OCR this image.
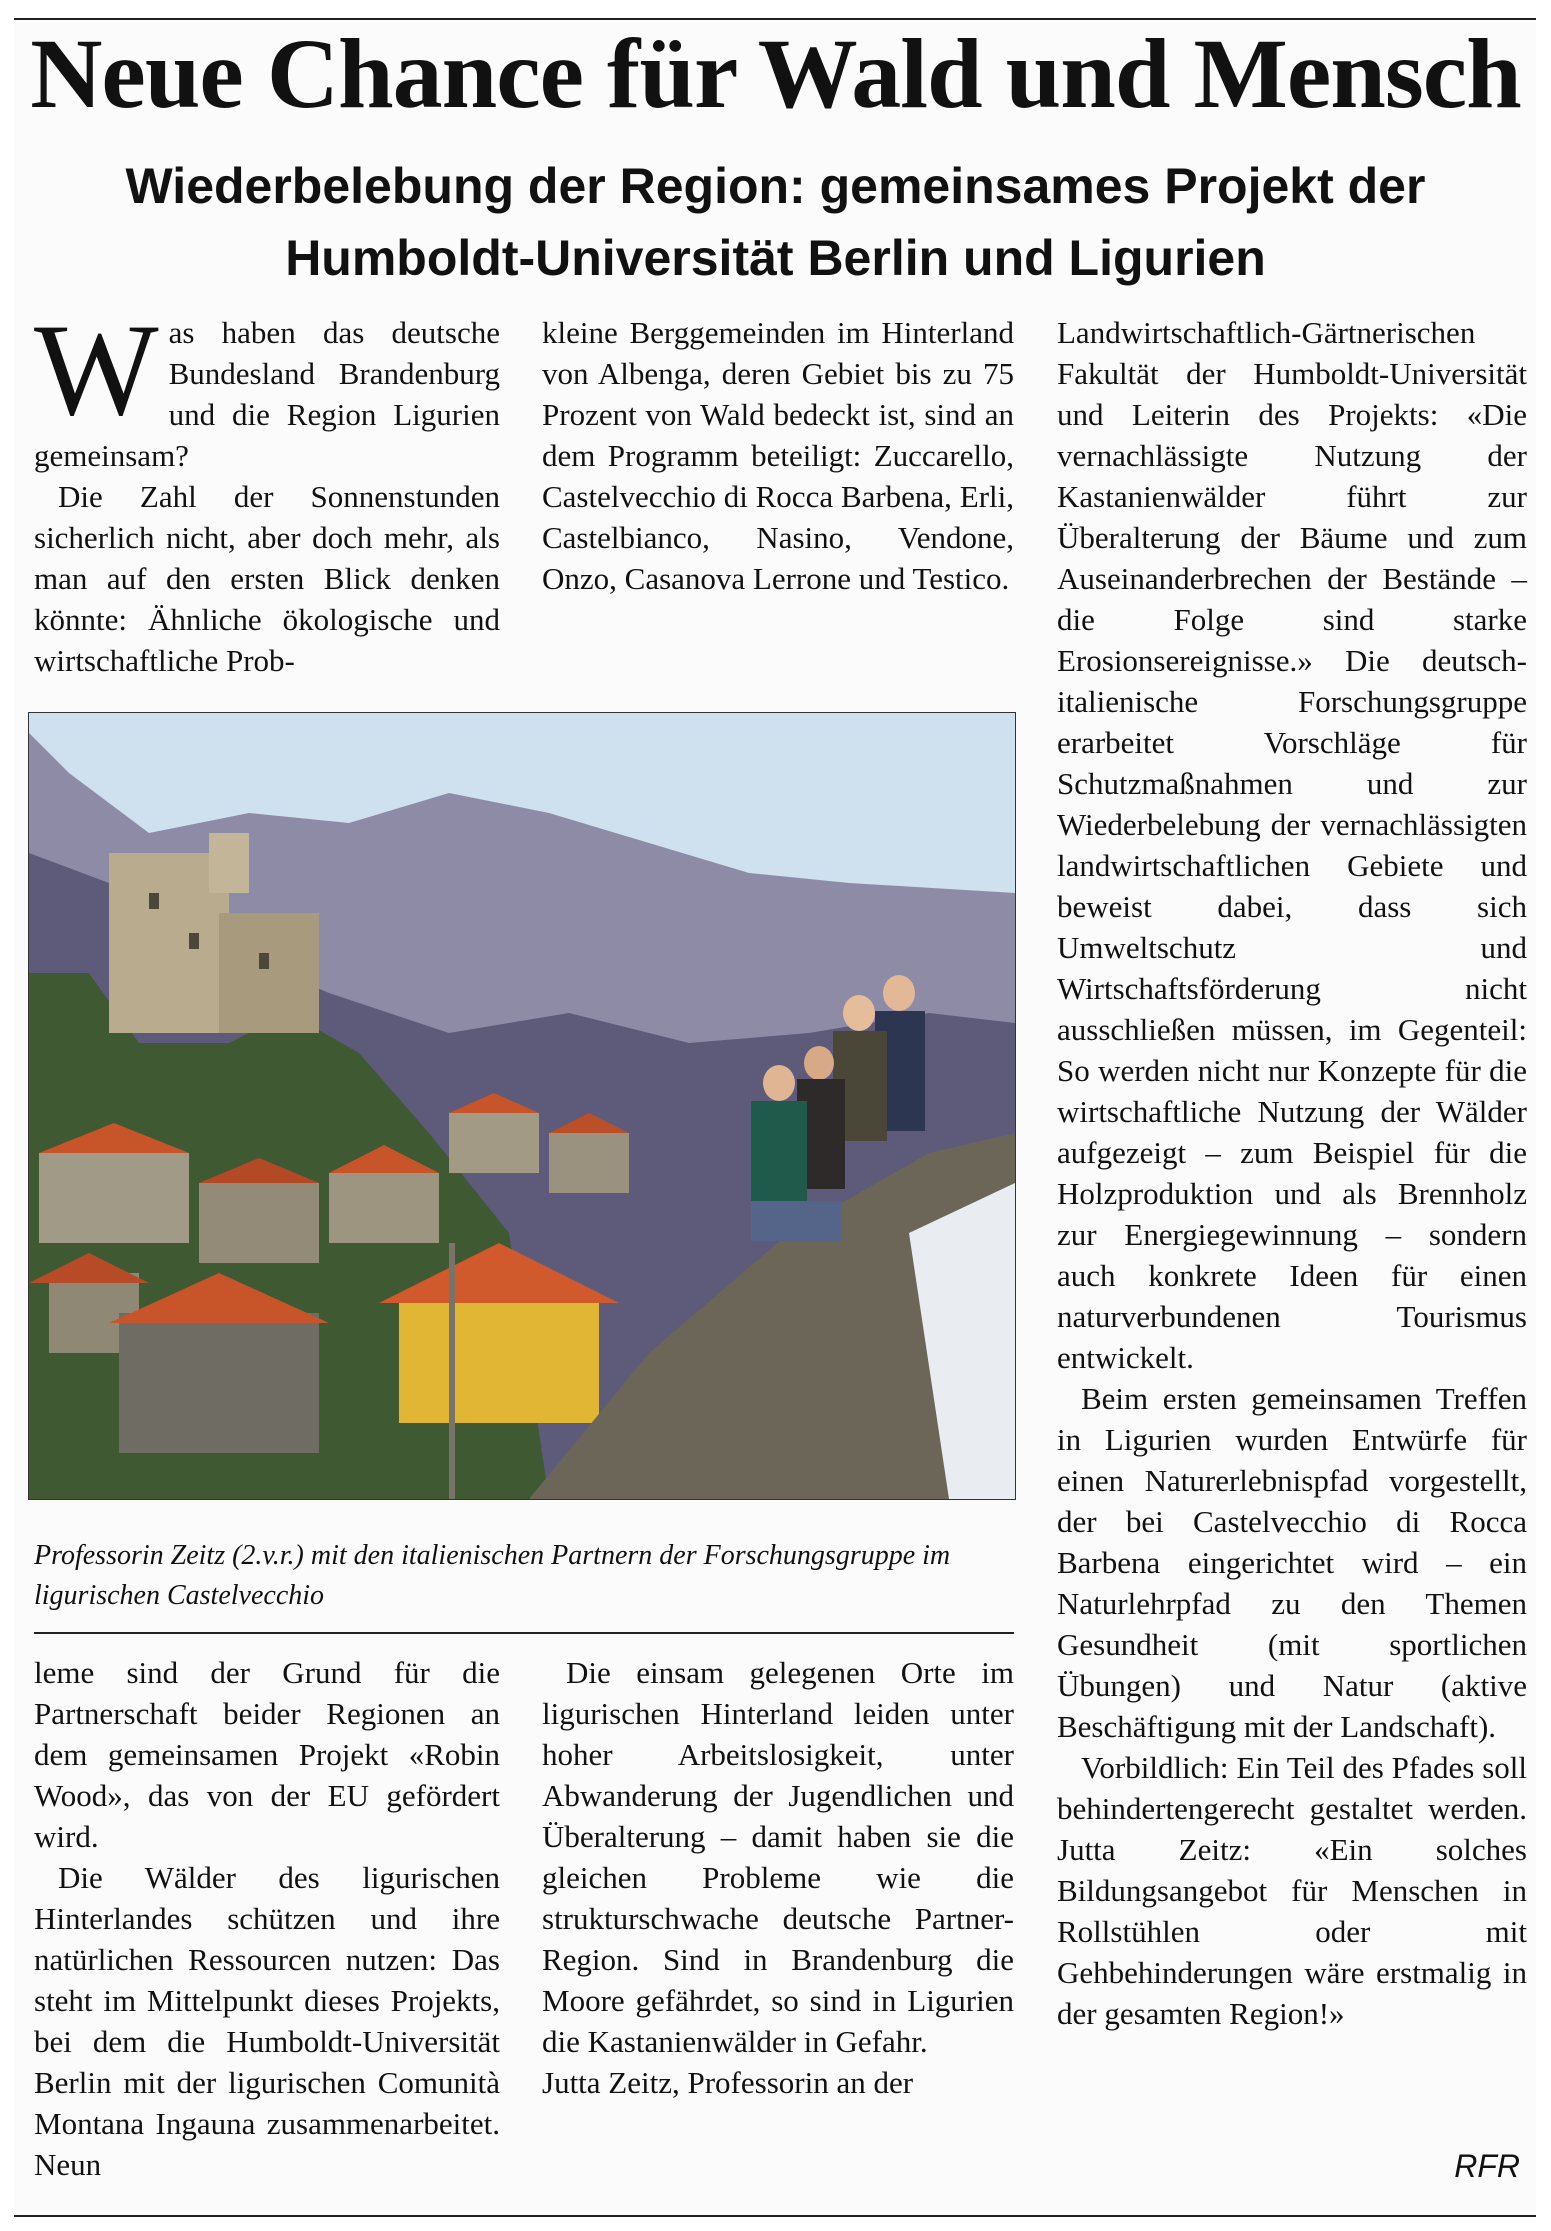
Neue Chance für Wald und Mensch
Wiederbelebung der Region: gemeinsames Projekt der
Humboldt-Universität Berlin und Ligurien

Was haben das deutsche Bundesland Brandenburg und die Region Ligurien gemeinsam?

Die Zahl der Sonnenstunden sicherlich nicht, aber doch mehr, als man auf den ersten Blick denken könnte: Ähnliche ökologische und wirtschaftliche Prob-

kleine Berggemeinden im Hinterland von Albenga, deren Gebiet bis zu 75 Prozent von Wald bedeckt ist, sind an dem Programm beteiligt: Zuccarello, Castelvecchio di Rocca Barbena, Erli, Castelbianco, Nasino, Vendone, Onzo, Casanova Lerrone und Testico.

Landwirtschaftlich-Gärtnerischen Fakultät der Humboldt-Universität und Leiterin des Projekts: «Die vernachlässigte Nutzung der Kastanienwälder führt zur Überalterung der Bäume und zum Auseinanderbrechen der Bestände – die Folge sind starke Erosionsereignisse.» Die deutsch-italienische Forschungsgruppe erarbeitet Vorschläge für Schutzmaßnahmen und zur Wiederbelebung der vernachlässigten landwirtschaftlichen Gebiete und beweist dabei, dass sich Umweltschutz und Wirtschaftsförderung nicht ausschließen müssen, im Gegenteil: So werden nicht nur Konzepte für die wirtschaftliche Nutzung der Wälder aufgezeigt – zum Beispiel für die Holzproduktion und als Brennholz zur Energiegewinnung – sondern auch konkrete Ideen für einen naturverbundenen Tourismus entwickelt.

Beim ersten gemeinsamen Treffen in Ligurien wurden Entwürfe für einen Naturerlebnispfad vorgestellt, der bei Castelvecchio di Rocca Barbena eingerichtet wird – ein Naturlehrpfad zu den Themen Gesundheit (mit sportlichen Übungen) und Natur (aktive Beschäftigung mit der Landschaft).

Vorbildlich: Ein Teil des Pfades soll behindertengerecht gestaltet werden. Jutta Zeitz: «Ein solches Bildungsangebot für Menschen in Rollstühlen oder mit Gehbehinderungen wäre erstmalig in der gesamten Region!»

Professorin Zeitz (2.v.r.) mit den italienischen Partnern der Forschungsgruppe im ligurischen Castelvecchio

leme sind der Grund für die Partnerschaft beider Regionen an dem gemeinsamen Projekt «Robin Wood», das von der EU gefördert wird.

Die Wälder des ligurischen Hinterlandes schützen und ihre natürlichen Ressourcen nutzen: Das steht im Mittelpunkt dieses Projekts, bei dem die Humboldt-Universität Berlin mit der ligurischen Comunità Montana Ingauna zusammenarbeitet. Neun

Die einsam gelegenen Orte im ligurischen Hinterland leiden unter hoher Arbeitslosigkeit, unter Abwanderung der Jugendlichen und Überalterung – damit haben sie die gleichen Probleme wie die strukturschwache deutsche Partner-Region. Sind in Brandenburg die Moore gefährdet, so sind in Ligurien die Kastanienwälder in Gefahr.

Jutta Zeitz, Professorin an der

RFR
